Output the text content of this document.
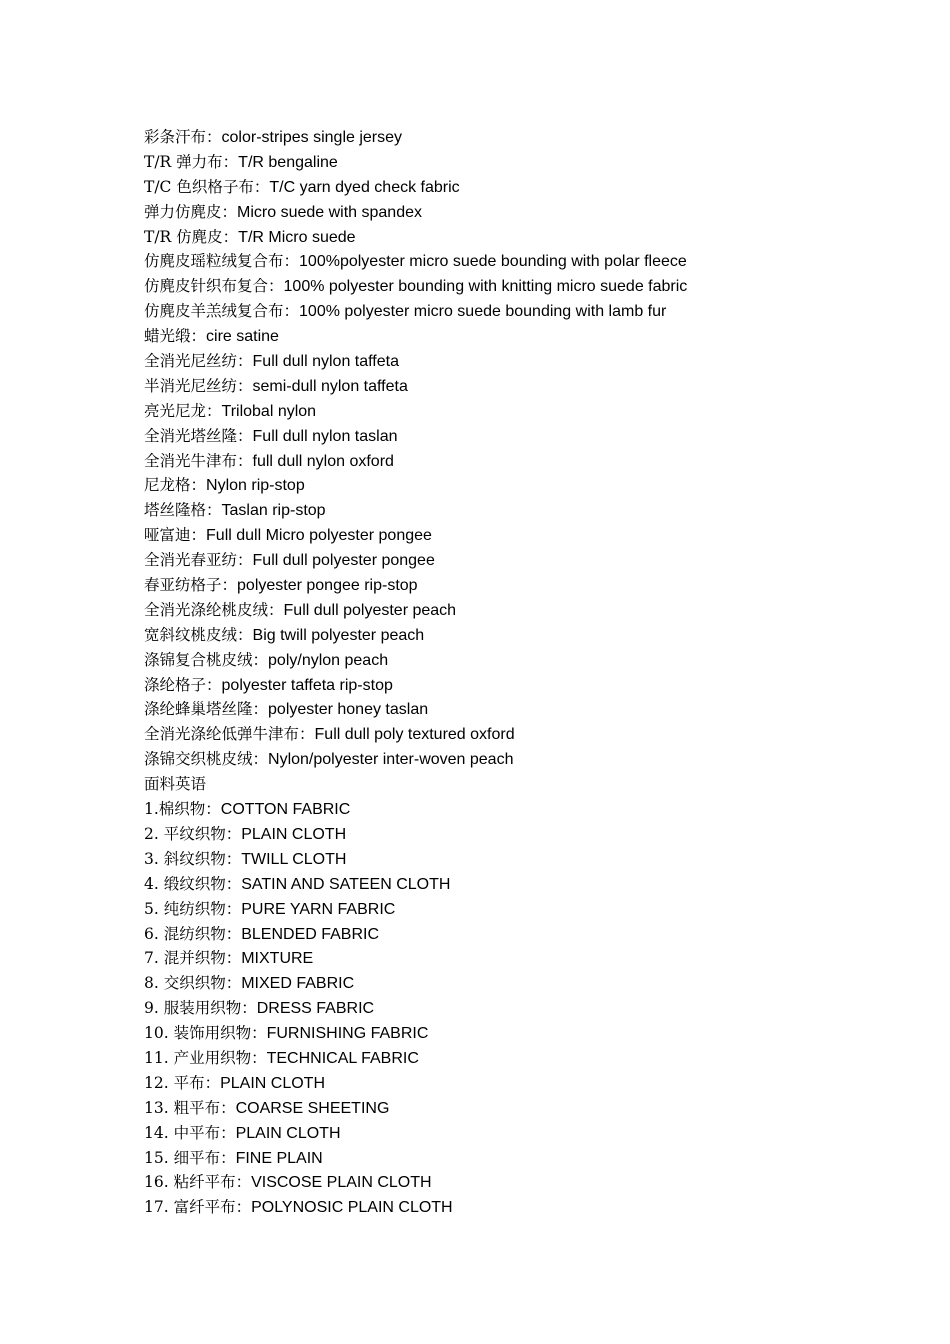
彩条汗布：color-stripes single jersey
T/R 弹力布：T/R bengaline
T/C 色织格子布：T/C yarn dyed check fabric
弹力仿麂皮：Micro suede with spandex
T/R 仿麂皮：T/R Micro suede
仿麂皮瑶粒绒复合布：100%polyester micro suede bounding with polar fleece
仿麂皮针织布复合：100% polyester bounding with knitting micro suede fabric
仿麂皮羊羔绒复合布：100% polyester micro suede bounding with lamb fur
蜡光缎：cire satine
全消光尼丝纺：Full dull nylon taffeta
半消光尼丝纺：semi-dull nylon taffeta
亮光尼龙：Trilobal nylon
全消光塔丝隆：Full dull nylon taslan
全消光牛津布：full dull nylon oxford
尼龙格：Nylon rip-stop
塔丝隆格：Taslan rip-stop
哑富迪：Full dull Micro polyester pongee
全消光春亚纺：Full dull polyester pongee
春亚纺格子：polyester pongee rip-stop
全消光涤纶桃皮绒：Full dull polyester peach
宽斜纹桃皮绒：Big twill polyester peach
涤锦复合桃皮绒：poly/nylon peach
涤纶格子：polyester taffeta rip-stop
涤纶蜂巢塔丝隆：polyester honey taslan
全消光涤纶低弹牛津布：Full dull poly textured oxford
涤锦交织桃皮绒：Nylon/polyester inter-woven peach
面料英语
1.棉织物：COTTON FABRIC
2. 平纹织物：PLAIN CLOTH
3. 斜纹织物：TWILL CLOTH
4. 缎纹织物：SATIN AND SATEEN CLOTH
5. 纯纺织物：PURE YARN FABRIC
6. 混纺织物：BLENDED FABRIC
7. 混并织物：MIXTURE
8. 交织织物：MIXED FABRIC
9. 服装用织物：DRESS FABRIC
10. 装饰用织物：FURNISHING FABRIC
11. 产业用织物：TECHNICAL FABRIC
12. 平布：PLAIN CLOTH
13. 粗平布：COARSE SHEETING
14. 中平布：PLAIN CLOTH
15. 细平布：FINE PLAIN
16. 粘纤平布：VISCOSE PLAIN CLOTH
17. 富纤平布：POLYNOSIC PLAIN CLOTH
